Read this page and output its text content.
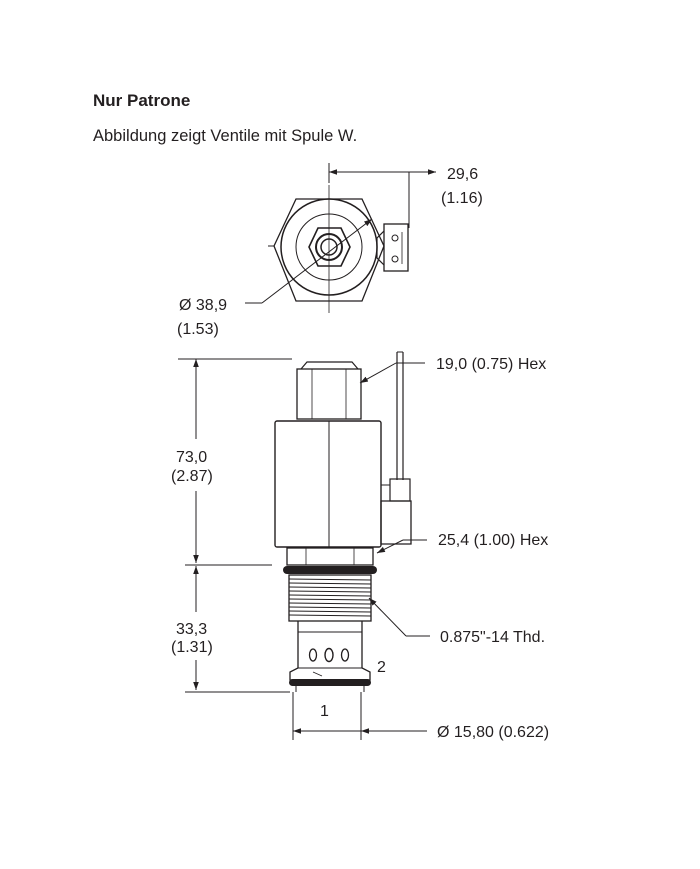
Nur Patrone
Abbildung zeigt Ventile mit Spule W.
29,6
(1.16)
Ø 38,9
(1.53)
19,0 (0.75) Hex
73,0
(2.87)
25,4 (1.00) Hex
33,3
(1.31)
0.875"-14 Thd.
2
1
Ø 15,80 (0.622)
